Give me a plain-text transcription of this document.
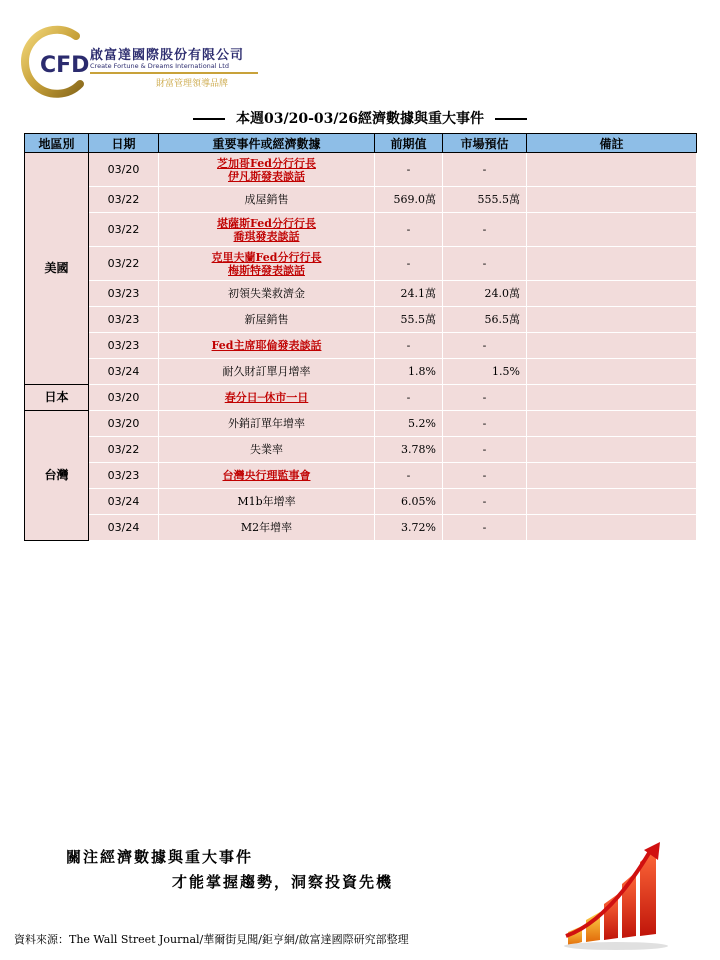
CFD 啟富達國際股份有限公司
Create Fortune & Dreams International Ltd
財富管理領導品牌
本週03/20-03/26經濟數據與重大事件
地區別	日期	重要事件或經濟數據	前期值	市場預估	備註
美國	03/20	芝加哥Fed分行行長
伊凡斯發表談話	-	-	
	03/22	成屋銷售	569.0萬	555.5萬	
	03/22	堪薩斯Fed分行行長
喬琪發表談話	-	-	
	03/22	克里夫蘭Fed分行行長
梅斯特發表談話	-	-	
	03/23	初領失業救濟金	24.1萬	24.0萬	
	03/23	新屋銷售	55.5萬	56.5萬	
	03/23	Fed主席耶倫發表談話	-	-	
	03/24	耐久財訂單月增率	1.8%	1.5%	
日本	03/20	春分日─休市一日	-	-	
台灣	03/20	外銷訂單年增率	5.2%	-	
	03/22	失業率	3.78%	-	
	03/23	台灣央行理監事會	-	-	
	03/24	M1b年增率	6.05%	-	
	03/24	M2年增率	3.72%	-	
關注經濟數據與重大事件
才能掌握趨勢，洞察投資先機
資料來源：The Wall Street Journal/華爾街見聞/鉅亨網/啟富達國際研究部整理
